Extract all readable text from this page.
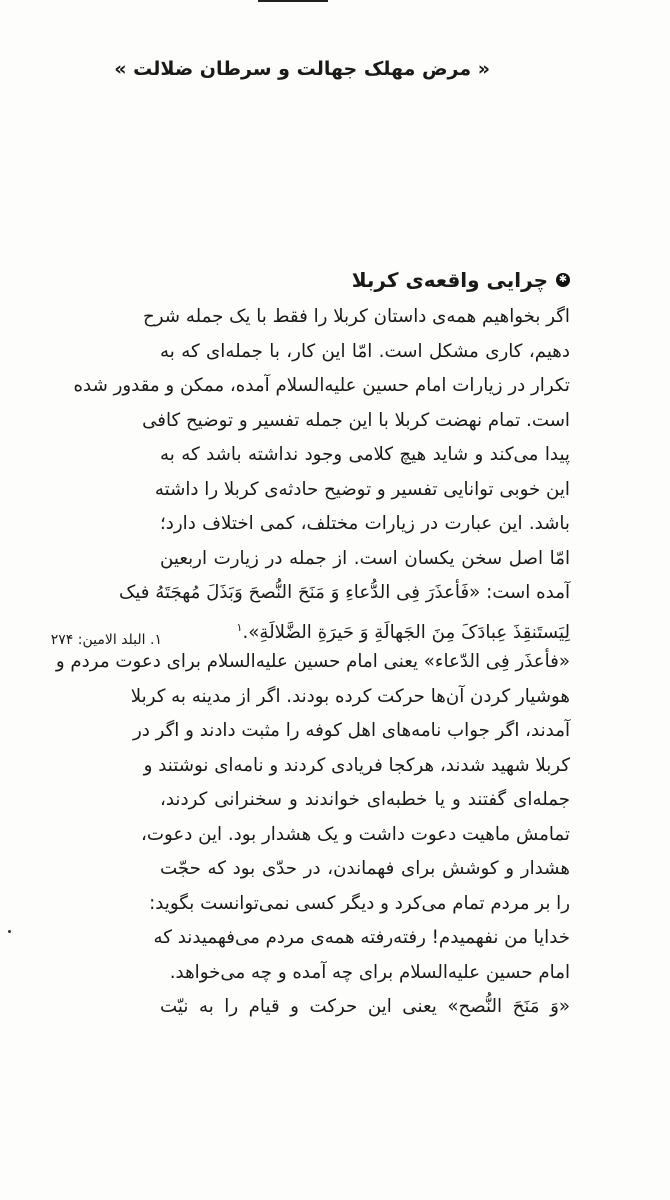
« مرض مهلک جهالت و سرطان ضلالت »
✱
چرایی واقعه‌ی کربلا
اگر بخواهیم همه‌ی داستان کربلا را فقط با یک جمله شرح
دهیم، کاری مشکل است. امّا این کار، با جمله‌ای که به
تکرار در زیارات امام حسین علیه‌السلام آمده، ممکن و مقدور شده
است. تمام نهضت کربلا با این جمله تفسیر و توضیح کافی
پیدا می‌کند و شاید هیچ کلامی وجود نداشته باشد که به
این خوبی توانایی تفسیر و توضیح حادثه‌ی کربلا را داشته
باشد. این عبارت در زیارات مختلف، کمی اختلاف دارد؛
امّا اصل سخن یکسان است. از جمله در زیارت اربعین
آمده است: «فَأعذَرَ فِی الدُّعاءِ وَ مَنَحَ النُّصحَ وَبَذَلَ مُهجَتَهُ فیک
لِیَستَنقِذَ عِبادَکَ مِنَ الجَهالَةِ وَ حَیرَةِ الضَّلالَةِ».$^۱$
«فأعذَر فِی الدّعاء» یعنی امام حسین علیه‌السلام برای دعوت مردم و
هوشیار کردن آن‌ها حرکت کرده بودند. اگر از مدینه به کربلا
آمدند، اگر جواب نامه‌های اهل کوفه را مثبت دادند و اگر در
کربلا شهید شدند، هرکجا فریادی کردند و نامه‌ای نوشتند و
جمله‌ای گفتند و یا خطبه‌ای خواندند و سخنرانی کردند،
تمامش ماهیت دعوت داشت و یک هشدار بود. این دعوت،
هشدار و کوشش برای فهماندن، در حدّی بود که حجّت
را بر مردم تمام می‌کرد و دیگر کسی نمی‌توانست بگوید:
خدایا من نفهمیدم! رفته‌رفته همه‌ی مردم می‌فهمیدند که
امام حسین علیه‌السلام برای چه آمده و چه می‌خواهد.
«وَ مَنَحَ النُّصح» یعنی این حرکت و قیام را به نیّت
۱. البلد الامین: ۲۷۴
